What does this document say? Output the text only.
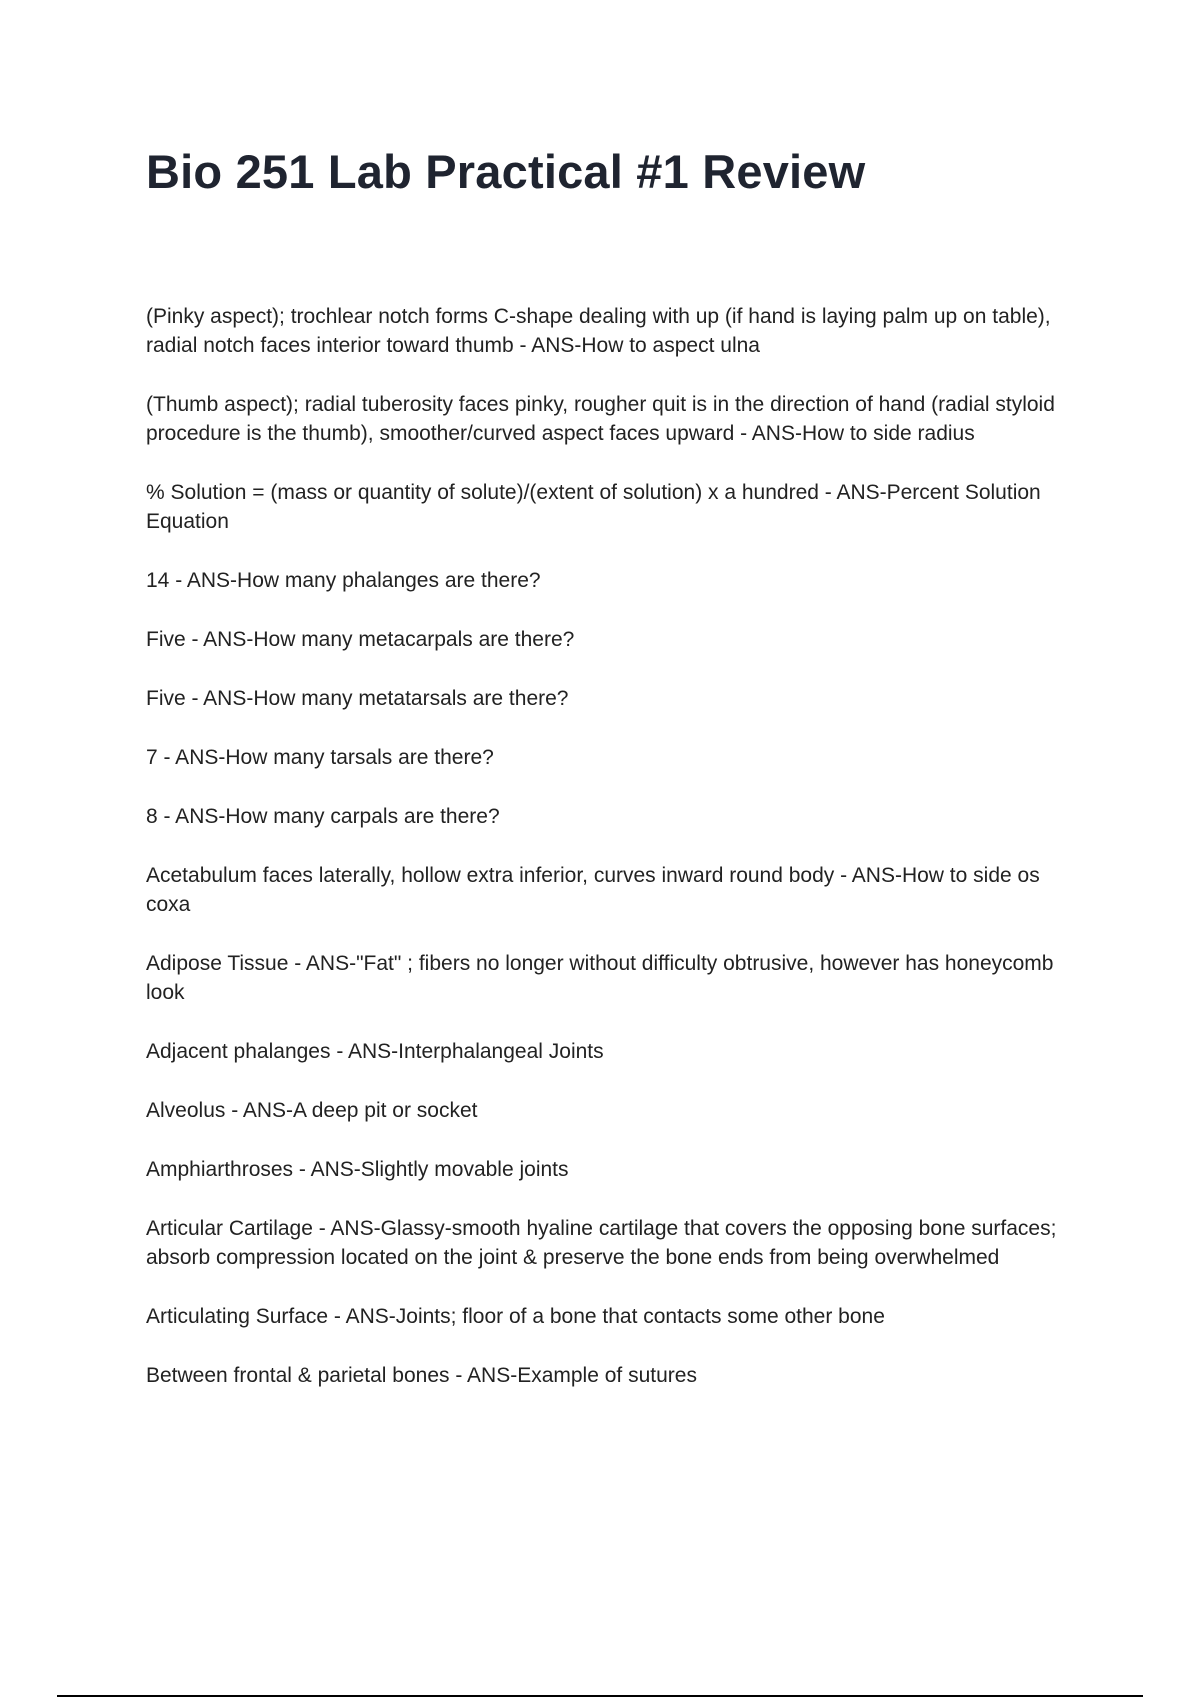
Bio 251 Lab Practical #1 Review
(Pinky aspect); trochlear notch forms C-shape dealing with up (if hand is laying palm up on table), radial notch faces interior toward thumb - ANS-How to aspect ulna
(Thumb aspect); radial tuberosity faces pinky, rougher quit is in the direction of hand (radial styloid procedure is the thumb), smoother/curved aspect faces upward - ANS-How to side radius
% Solution = (mass or quantity of solute)/(extent of solution) x a hundred - ANS-Percent Solution Equation
14 - ANS-How many phalanges are there?
Five - ANS-How many metacarpals are there?
Five - ANS-How many metatarsals are there?
7 - ANS-How many tarsals are there?
8 - ANS-How many carpals are there?
Acetabulum faces laterally, hollow extra inferior, curves inward round body - ANS-How to side os coxa
Adipose Tissue - ANS-"Fat" ; fibers no longer without difficulty obtrusive, however has honeycomb look
Adjacent phalanges - ANS-Interphalangeal Joints
Alveolus - ANS-A deep pit or socket
Amphiarthroses - ANS-Slightly movable joints
Articular Cartilage - ANS-Glassy-smooth hyaline cartilage that covers the opposing bone surfaces; absorb compression located on the joint & preserve the bone ends from being overwhelmed
Articulating Surface - ANS-Joints; floor of a bone that contacts some other bone
Between frontal & parietal bones - ANS-Example of sutures
